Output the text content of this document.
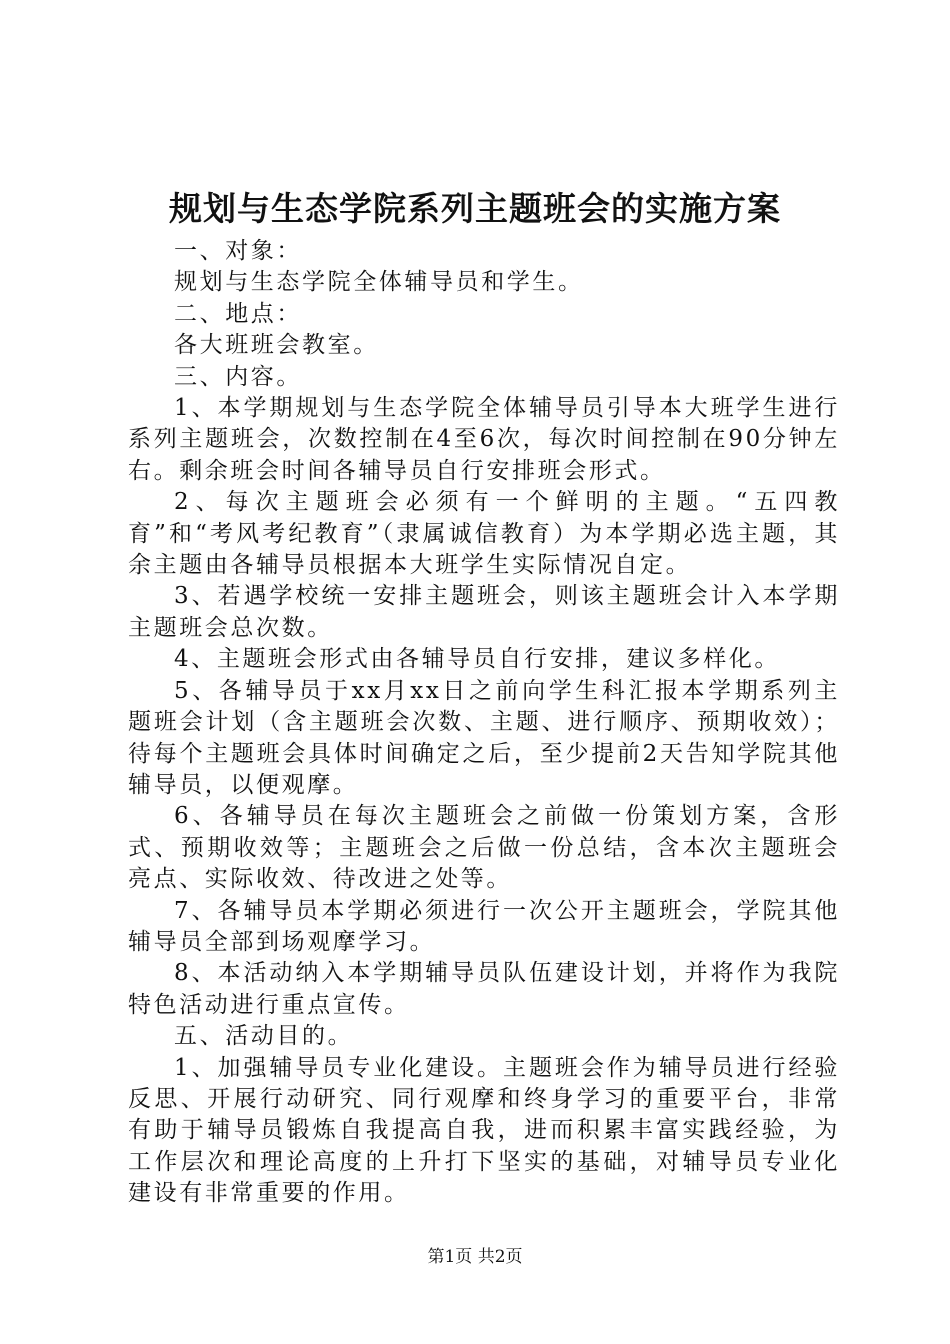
规划与生态学院系列主题班会的实施方案

一、对象：

规划与生态学院全体辅导员和学生。

二、地点：

各大班班会教室。

三、内容。

1、本学期规划与生态学院全体辅导员引导本大班学生进行系列主题班会，次数控制在4至6次，每次时间控制在90分钟左右。剩余班会时间各辅导员自行安排班会形式。

2、每次主题班会必须有一个鲜明的主题。“五四教育”和“考风考纪教育”（隶属诚信教育）为本学期必选主题，其余主题由各辅导员根据本大班学生实际情况自定。

3、若遇学校统一安排主题班会，则该主题班会计入本学期主题班会总次数。

4、主题班会形式由各辅导员自行安排，建议多样化。

5、各辅导员于xx月xx日之前向学生科汇报本学期系列主题班会计划（含主题班会次数、主题、进行顺序、预期收效）；待每个主题班会具体时间确定之后，至少提前2天告知学院其他辅导员，以便观摩。

6、各辅导员在每次主题班会之前做一份策划方案，含形式、预期收效等；主题班会之后做一份总结，含本次主题班会亮点、实际收效、待改进之处等。

7、各辅导员本学期必须进行一次公开主题班会，学院其他辅导员全部到场观摩学习。

8、本活动纳入本学期辅导员队伍建设计划，并将作为我院特色活动进行重点宣传。

五、活动目的。

1、加强辅导员专业化建设。主题班会作为辅导员进行经验反思、开展行动研究、同行观摩和终身学习的重要平台，非常有助于辅导员锻炼自我提高自我，进而积累丰富实践经验，为工作层次和理论高度的上升打下坚实的基础，对辅导员专业化建设有非常重要的作用。

第1页 共2页
